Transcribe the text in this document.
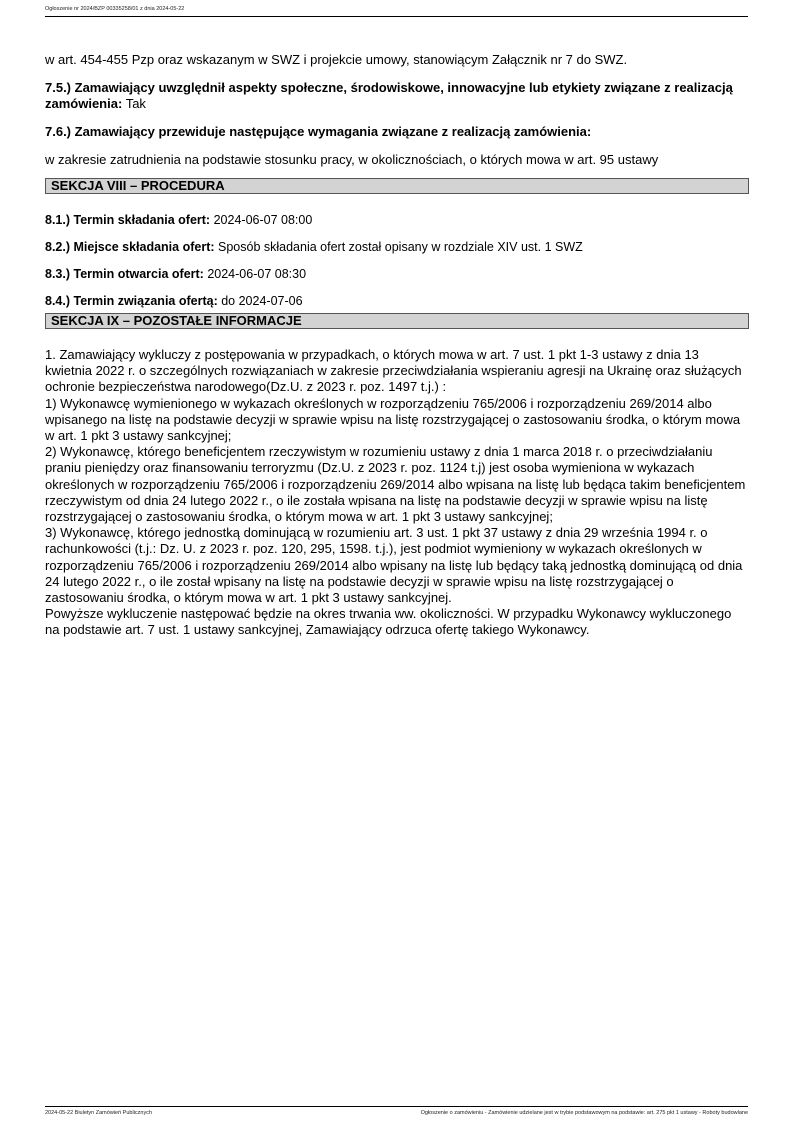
Ogłoszenie nr 2024/BZP 00335258/01 z dnia 2024-05-22

w art. 454-455 Pzp oraz wskazanym w SWZ i projekcie umowy, stanowiącym Załącznik nr 7 do SWZ.

7.5.) Zamawiający uwzględnił aspekty społeczne, środowiskowe, innowacyjne lub etykiety związane z realizacją zamówienia: Tak

7.6.) Zamawiający przewiduje następujące wymagania związane z realizacją zamówienia:

w zakresie zatrudnienia na podstawie stosunku pracy, w okolicznościach, o których mowa w art. 95 ustawy

SEKCJA VIII – PROCEDURA

8.1.) Termin składania ofert: 2024-06-07 08:00

8.2.) Miejsce składania ofert: Sposób składania ofert został opisany w rozdziale XIV ust. 1 SWZ

8.3.) Termin otwarcia ofert: 2024-06-07 08:30

8.4.) Termin związania ofertą: do 2024-07-06

SEKCJA IX – POZOSTAŁE INFORMACJE

1. Zamawiający wykluczy z postępowania w przypadkach, o których mowa w art. 7 ust. 1 pkt 1-3 ustawy z dnia 13 kwietnia 2022 r. o szczególnych rozwiązaniach w zakresie przeciwdziałania wspieraniu agresji na Ukrainę oraz służących ochronie bezpieczeństwa narodowego(Dz.U. z 2023 r. poz. 1497 t.j.) :
1) Wykonawcę wymienionego w wykazach określonych w rozporządzeniu 765/2006 i rozporządzeniu 269/2014 albo wpisanego na listę na podstawie decyzji w sprawie wpisu na listę rozstrzygającej o zastosowaniu środka, o którym mowa w art. 1 pkt 3 ustawy sankcyjnej;
2) Wykonawcę, którego beneficjentem rzeczywistym w rozumieniu ustawy z dnia 1 marca 2018 r. o przeciwdziałaniu praniu pieniędzy oraz finansowaniu terroryzmu (Dz.U. z 2023 r. poz. 1124 t.j) jest osoba wymieniona w wykazach określonych w rozporządzeniu 765/2006 i rozporządzeniu 269/2014 albo wpisana na listę lub będąca takim beneficjentem rzeczywistym od dnia 24 lutego 2022 r., o ile została wpisana na listę na podstawie decyzji w sprawie wpisu na listę rozstrzygającej o zastosowaniu środka, o którym mowa w art. 1 pkt 3 ustawy sankcyjnej;
3) Wykonawcę, którego jednostką dominującą w rozumieniu art. 3 ust. 1 pkt 37 ustawy z dnia 29 września 1994 r. o rachunkowości (t.j.: Dz. U. z 2023 r. poz. 120, 295, 1598. t.j.), jest podmiot wymieniony w wykazach określonych w rozporządzeniu 765/2006 i rozporządzeniu 269/2014 albo wpisany na listę lub będący taką jednostką dominującą od dnia 24 lutego 2022 r., o ile został wpisany na listę na podstawie decyzji w sprawie wpisu na listę rozstrzygającej o zastosowaniu środka, o którym mowa w art. 1 pkt 3 ustawy sankcyjnej.
Powyższe wykluczenie następować będzie na okres trwania ww. okoliczności. W przypadku Wykonawcy wykluczonego na podstawie art. 7 ust. 1 ustawy sankcyjnej, Zamawiający odrzuca ofertę takiego Wykonawcy.

2024-05-22 Biuletyn Zamówień Publicznych	Ogłoszenie o zamówieniu - Zamówienie udzielane jest w trybie podstawowym na podstawie: art. 275 pkt 1 ustawy - Roboty budowlane
